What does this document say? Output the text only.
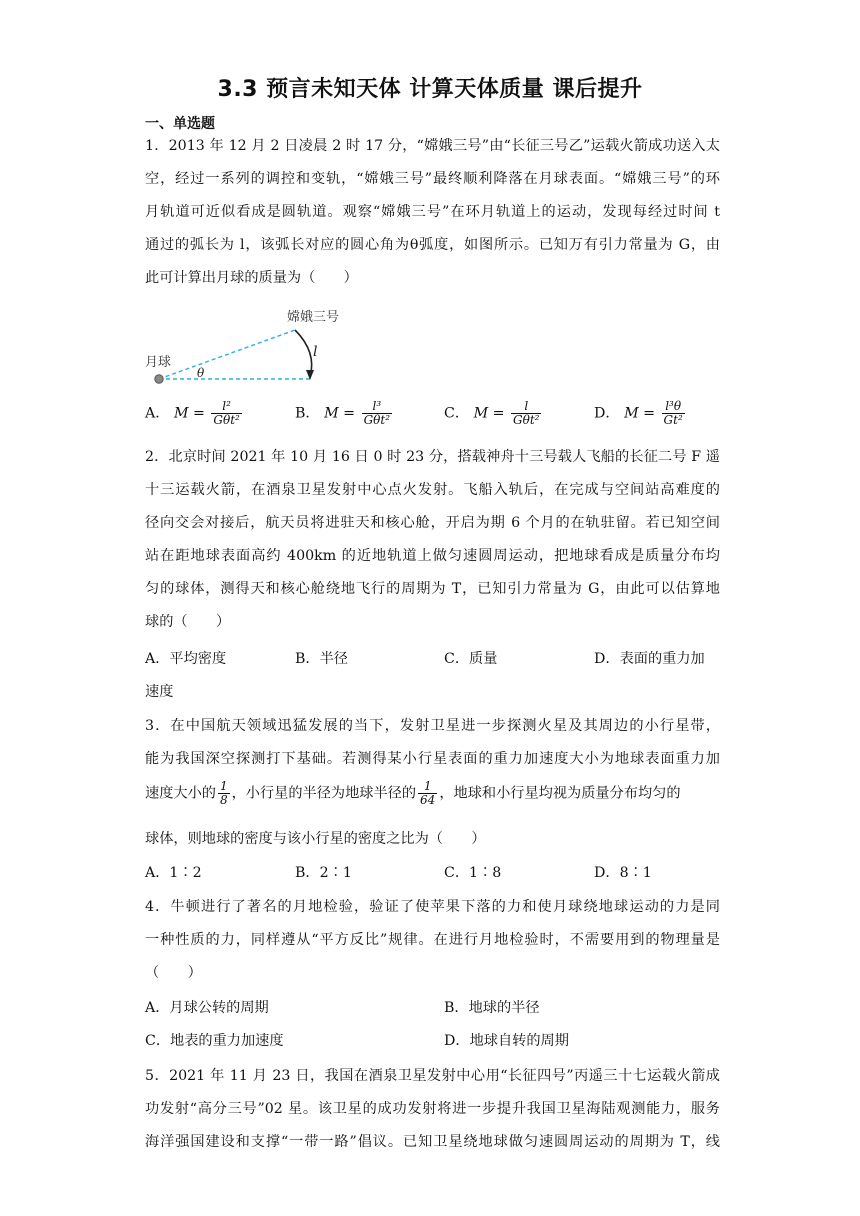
3.3 预言未知天体 计算天体质量 课后提升
一、单选题
1．2013 年 12 月 2 日凌晨 2 时 17 分，“嫦娥三号”由“长征三号乙”运载火箭成功送入太
空，经过一系列的调控和变轨，“嫦娥三号”最终顺利降落在月球表面。“嫦娥三号”的环
月轨道可近似看成是圆轨道。观察“嫦娥三号”在环月轨道上的运动，发现每经过时间 t
通过的弧长为 l，该弧长对应的圆心角为θ弧度，如图所示。已知万有引力常量为 G，由
此可计算出月球的质量为（　　）
月球
嫦娥三号
l
θ
A． $M = \frac{\text{l²}}{\text{Gθt²}}$	B． $M = \frac{\text{l³}}{\text{Gθt²}}$	C． $M = \frac{l}{\text{Gθt²}}$	D． $M = \frac{\text{l³θ}}{\text{Gt²}}$
2．北京时间 2021 年 10 月 16 日 0 时 23 分，搭载神舟十三号载人飞船的长征二号 F 遥
十三运载火箭，在酒泉卫星发射中心点火发射。飞船入轨后，在完成与空间站高难度的
径向交会对接后，航天员将进驻天和核心舱，开启为期 6 个月的在轨驻留。若已知空间
站在距地球表面高约 400km 的近地轨道上做匀速圆周运动，把地球看成是质量分布均
匀的球体，测得天和核心舱绕地飞行的周期为 T，已知引力常量为 G，由此可以估算地
球的（　　）
A．平均密度	B．半径	C．质量	D．表面的重力加
速度
3．在中国航天领域迅猛发展的当下，发射卫星进一步探测火星及其周边的小行星带，
能为我国深空探测打下基础。若测得某小行星表面的重力加速度大小为地球表面重力加
速度大小的 $\frac{1}{8}$ ，小行星的半径为地球半径的 $\frac{1}{64}$ ，地球和小行星均视为质量分布均匀的
球体，则地球的密度与该小行星的密度之比为（　　）
A．1∶2	B．2∶1	C．1∶8	D．8∶1
4．牛顿进行了著名的月地检验，验证了使苹果下落的力和使月球绕地球运动的力是同
一种性质的力，同样遵从“平方反比”规律。在进行月地检验时，不需要用到的物理量是
（　　）
A．月球公转的周期	B．地球的半径
C．地表的重力加速度	D．地球自转的周期
5．2021 年 11 月 23 日，我国在酒泉卫星发射中心用“长征四号”丙遥三十七运载火箭成
功发射“高分三号”02 星。该卫星的成功发射将进一步提升我国卫星海陆观测能力，服务
海洋强国建设和支撑“一带一路”倡议。已知卫星绕地球做匀速圆周运动的周期为 T，线
